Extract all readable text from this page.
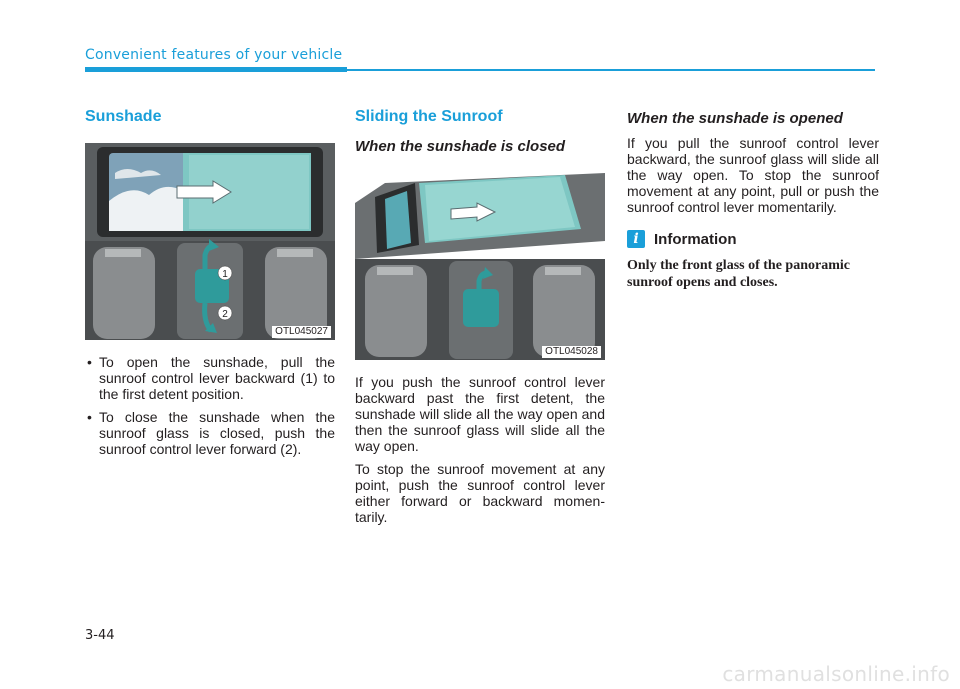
Convenient features of your vehicle
Sunshade
1
2
OTL045027
• To open the sunshade, pull the sunroof control lever backward (1) to the first detent position.
• To close the sunshade when the sunroof glass is closed, push the sunroof control lever forward (2).
Sliding the Sunroof
When the sunshade is closed
OTL045028

If you push the sunroof control lever backward past the first detent, the sunshade will slide all the way open and then the sunroof glass will slide all the way open.

To stop the sunroof movement at any point, push the sunroof control lever either forward or backward momen-tarily.

When the sunshade is opened

If you pull the sunroof control lever backward, the sunroof glass will slide all the way open. To stop the sunroof movement at any point, pull or push the sunroof control lever momentarily.

i	Information

Only the front glass of the panoramic sunroof opens and closes.

3-44
carmanualsonline.info
